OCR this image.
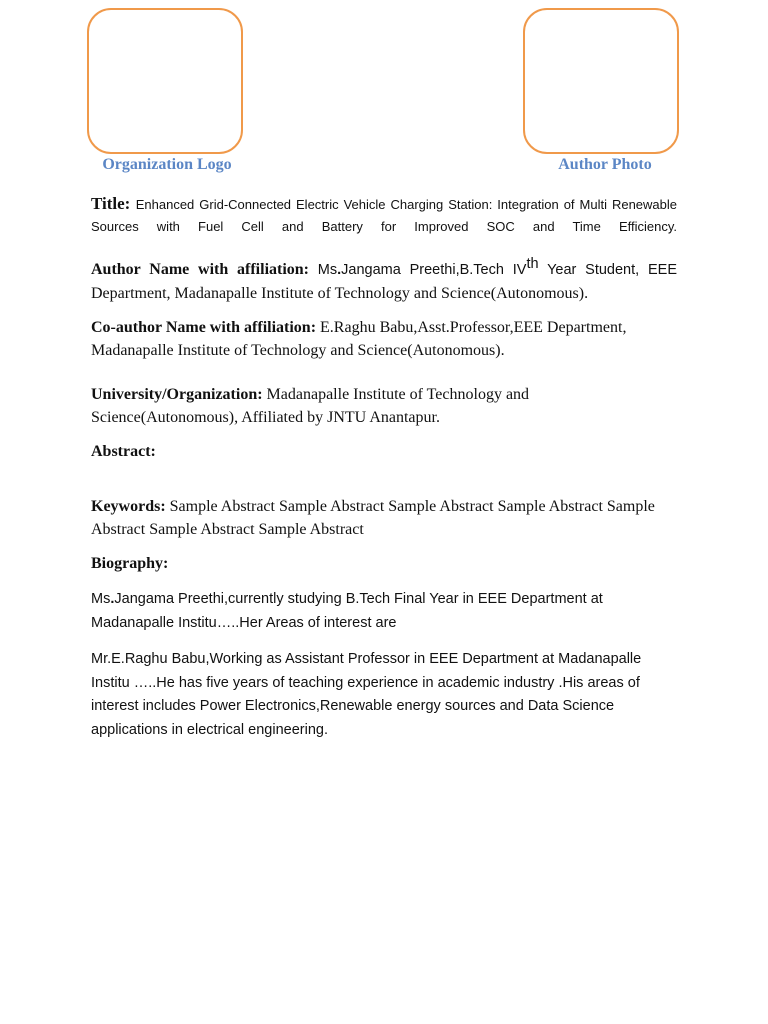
Organization Logo	Author Photo
Title: Enhanced Grid-Connected Electric Vehicle Charging Station: Integration of Multi Renewable Sources with Fuel Cell and Battery for Improved SOC and Time Efficiency.
Author Name with affiliation: Ms.Jangama Preethi,B.Tech IVth Year Student, EEE Department, Madanapalle Institute of Technology and Science(Autonomous).
Co-author Name with affiliation: E.Raghu Babu,Asst.Professor,EEE Department, Madanapalle Institute of Technology and Science(Autonomous).
University/Organization: Madanapalle Institute of Technology and Science(Autonomous), Affiliated by JNTU Anantapur.
Abstract:
Keywords: Sample Abstract Sample Abstract Sample Abstract Sample Abstract Sample Abstract Sample Abstract Sample Abstract
Biography:
Ms.Jangama Preethi,currently studying B.Tech Final Year in EEE Department at Madanapalle Institu…..Her Areas of interest are
Mr.E.Raghu Babu,Working as Assistant Professor in EEE Department at Madanapalle Institu …..He has five years of teaching experience in academic industry .His areas of interest includes Power Electronics,Renewable energy sources and Data Science applications in electrical engineering.
